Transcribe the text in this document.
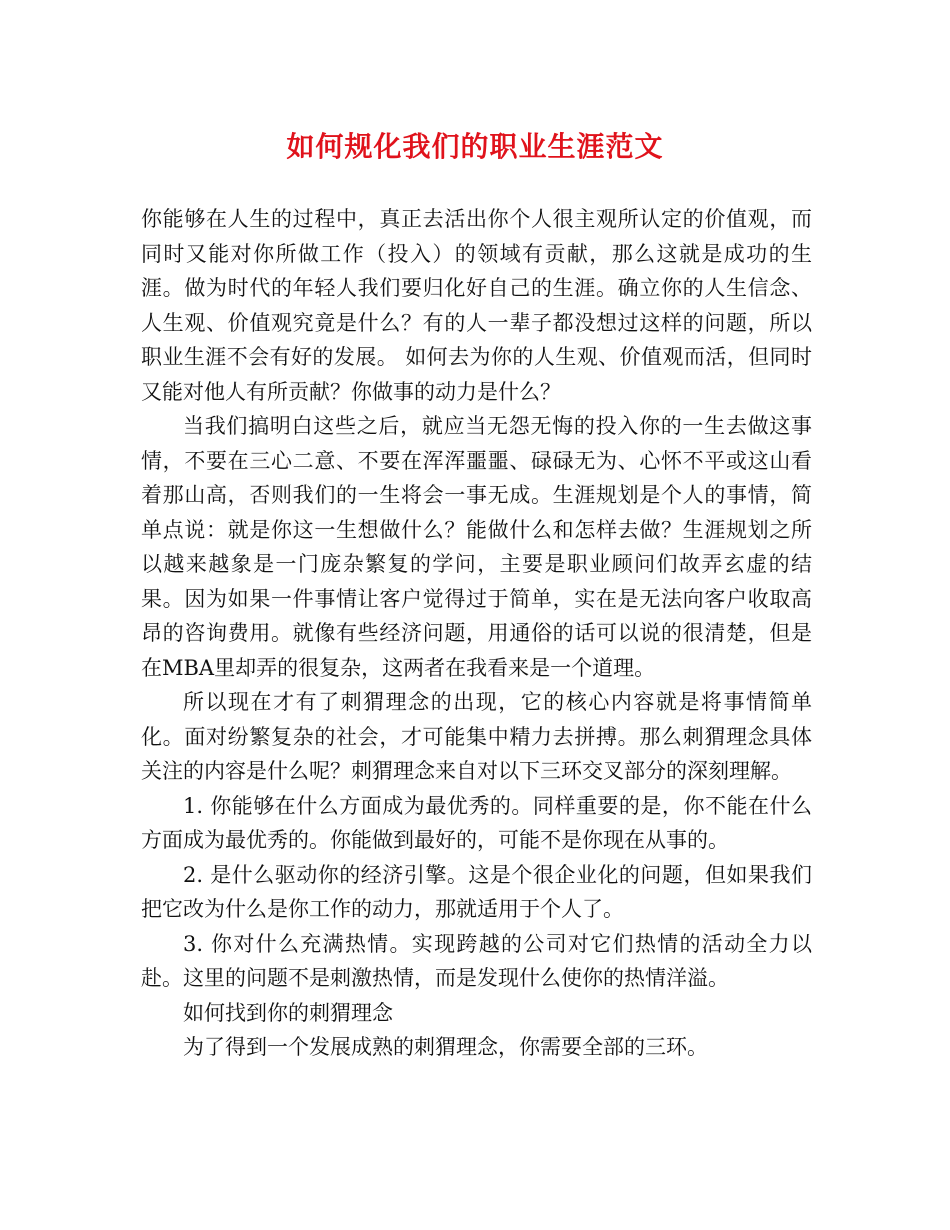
如何规化我们的职业生涯范文

你能够在人生的过程中，真正去活出你个人很主观所认定的价值观，而同时又能对你所做工作（投入）的领域有贡献，那么这就是成功的生涯。做为时代的年轻人我们要归化好自己的生涯。确立你的人生信念、人生观、价值观究竟是什么？有的人一辈子都没想过这样的问题，所以职业生涯不会有好的发展。 如何去为你的人生观、价值观而活，但同时又能对他人有所贡献？你做事的动力是什么？

当我们搞明白这些之后，就应当无怨无悔的投入你的一生去做这事情，不要在三心二意、不要在浑浑噩噩、碌碌无为、心怀不平或这山看着那山高，否则我们的一生将会一事无成。生涯规划是个人的事情，简单点说：就是你这一生想做什么？能做什么和怎样去做？生涯规划之所以越来越象是一门庞杂繁复的学问，主要是职业顾问们故弄玄虚的结果。因为如果一件事情让客户觉得过于简单，实在是无法向客户收取高昂的咨询费用。就像有些经济问题，用通俗的话可以说的很清楚，但是在MBA里却弄的很复杂，这两者在我看来是一个道理。

所以现在才有了刺猬理念的出现，它的核心内容就是将事情简单化。面对纷繁复杂的社会，才可能集中精力去拼搏。那么刺猬理念具体关注的内容是什么呢？刺猬理念来自对以下三环交叉部分的深刻理解。

1. 你能够在什么方面成为最优秀的。同样重要的是，你不能在什么方面成为最优秀的。你能做到最好的，可能不是你现在从事的。

2. 是什么驱动你的经济引擎。这是个很企业化的问题，但如果我们把它改为什么是你工作的动力，那就适用于个人了。

3. 你对什么充满热情。实现跨越的公司对它们热情的活动全力以赴。这里的问题不是刺激热情，而是发现什么使你的热情洋溢。

如何找到你的刺猬理念

为了得到一个发展成熟的刺猬理念，你需要全部的三环。
